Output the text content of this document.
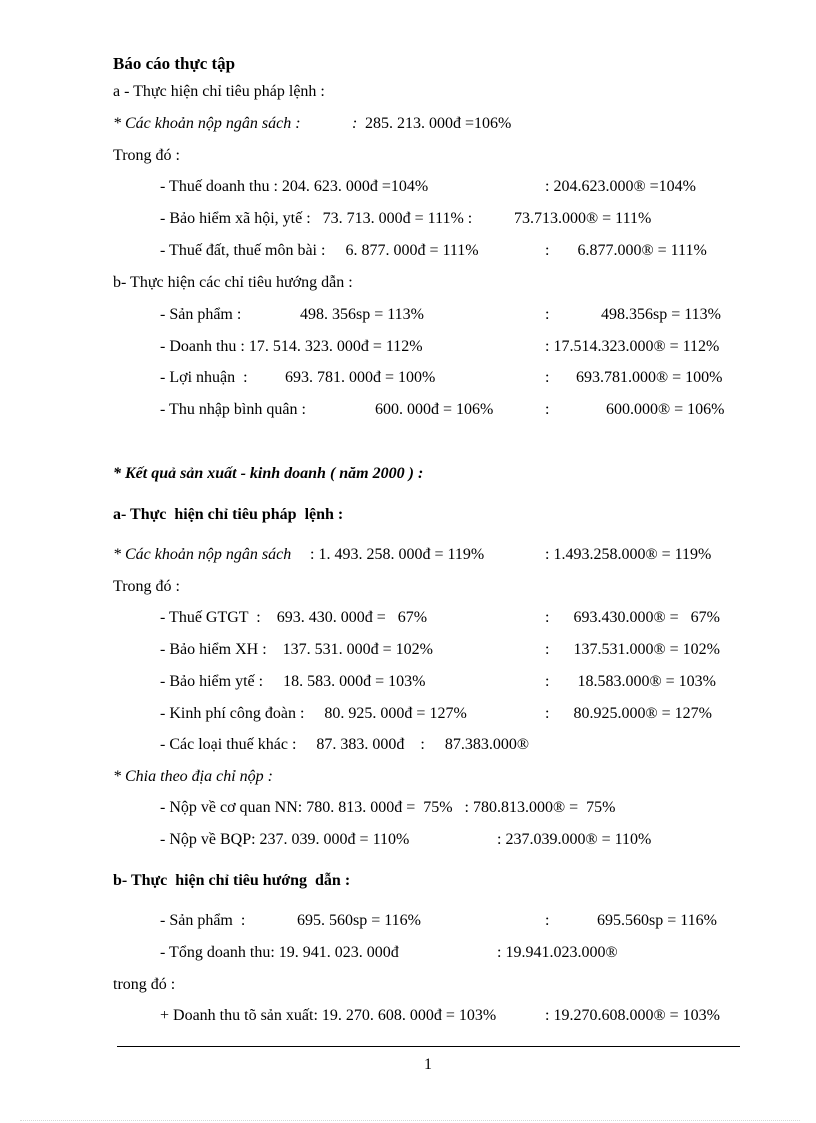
Báo cáo thực tập
a - Thực hiện chỉ tiêu pháp lệnh :
* Các khoản nộp ngân sách :	: 285. 213. 000đ =106%
Trong đó :
- Thuế doanh thu : 204. 623. 000đ =104%	: 204.623.000® =104%
- Bảo hiểm xã hội, ytế :   73. 713. 000đ = 111% :	73.713.000® = 111%
- Thuế đất, thuế môn bài :     6. 877. 000đ = 111%	:       6.877.000® = 111%
b- Thực hiện các chỉ tiêu hướng dẫn :
- Sản phẩm :	498. 356sp = 113%	:	498.356sp = 113%
- Doanh thu : 17. 514. 323. 000đ = 112%	: 17.514.323.000® = 112%
- Lợi nhuận  : 693. 781. 000đ = 100%	: 693.781.000® = 100%
- Thu nhập bình quân :	600. 000đ = 106%	:	600.000® = 106%
* Kết quả sản xuất - kinh doanh ( năm 2000 ) :
a- Thực  hiện chỉ tiêu pháp  lệnh :
* Các khoản nộp ngân sách : 1. 493. 258. 000đ = 119%	: 1.493.258.000® = 119%
Trong đó :
- Thuế GTGT  :    693. 430. 000đ =   67%	:      693.430.000® =   67%
- Bảo hiểm XH :    137. 531. 000đ = 102%	:      137.531.000® = 102%
- Bảo hiểm ytế :     18. 583. 000đ = 103%	:       18.583.000® = 103%
- Kinh phí công đoàn :     80. 925. 000đ = 127%	:      80.925.000® = 127%
- Các loại thuế khác :     87. 383. 000đ    :     87.383.000®
* Chia theo địa chỉ nộp :
- Nộp về cơ quan NN: 780. 813. 000đ =  75%   : 780.813.000® =  75%
- Nộp về BQP: 237. 039. 000đ = 110%	: 237.039.000® = 110%
b- Thực  hiện chỉ tiêu hướng  dẫn :
- Sản phẩm  :	695. 560sp = 116%	:	695.560sp = 116%
- Tổng doanh thu: 19. 941. 023. 000đ	: 19.941.023.000®
trong đó :
+ Doanh thu tõ sản xuất: 19. 270. 608. 000đ = 103%	: 19.270.608.000® = 103%
1
